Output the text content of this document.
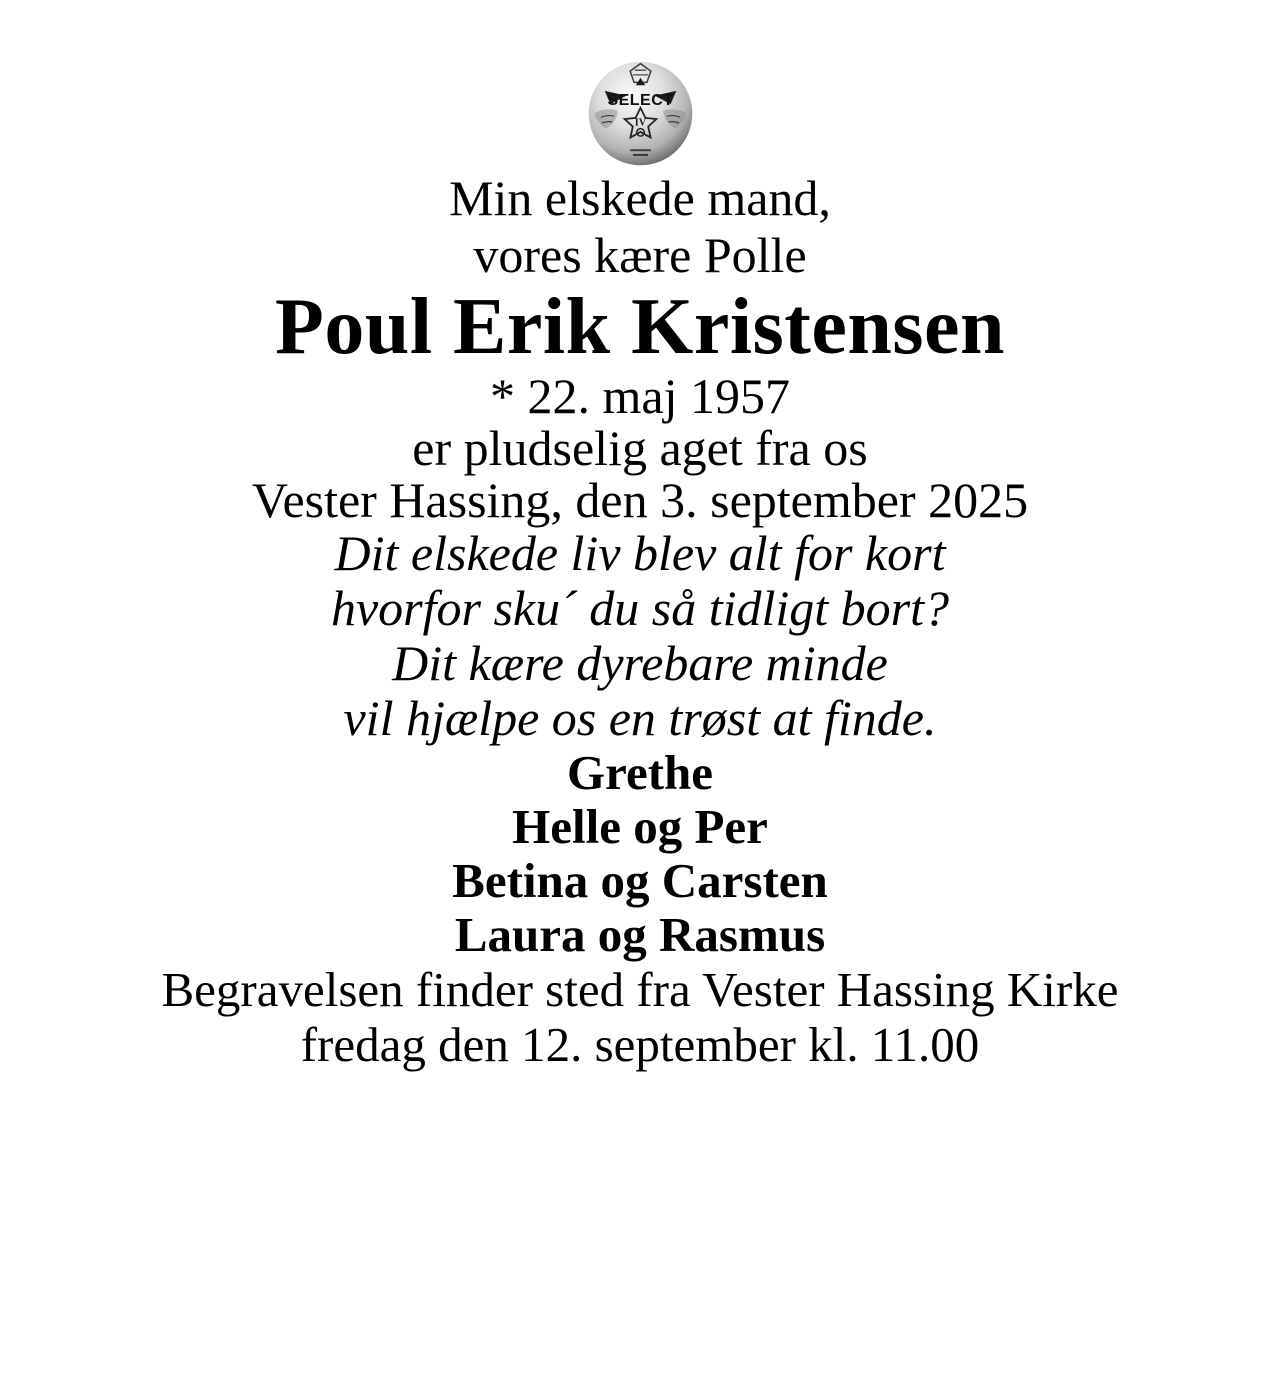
SELECT
IV

Min elskede mand,
vores kære Polle

Poul Erik Kristensen

* 22. maj 1957

er pludselig aget fra os

Vester Hassing, den 3. september 2025

Dit elskede liv blev alt for kort
hvorfor sku´ du så tidligt bort?
Dit kære dyrebare minde
vil hjælpe os en trøst at finde.

Grethe
Helle og Per
Betina og Carsten
Laura og Rasmus

Begravelsen finder sted fra Vester Hassing Kirke
fredag den 12. september kl. 11.00
